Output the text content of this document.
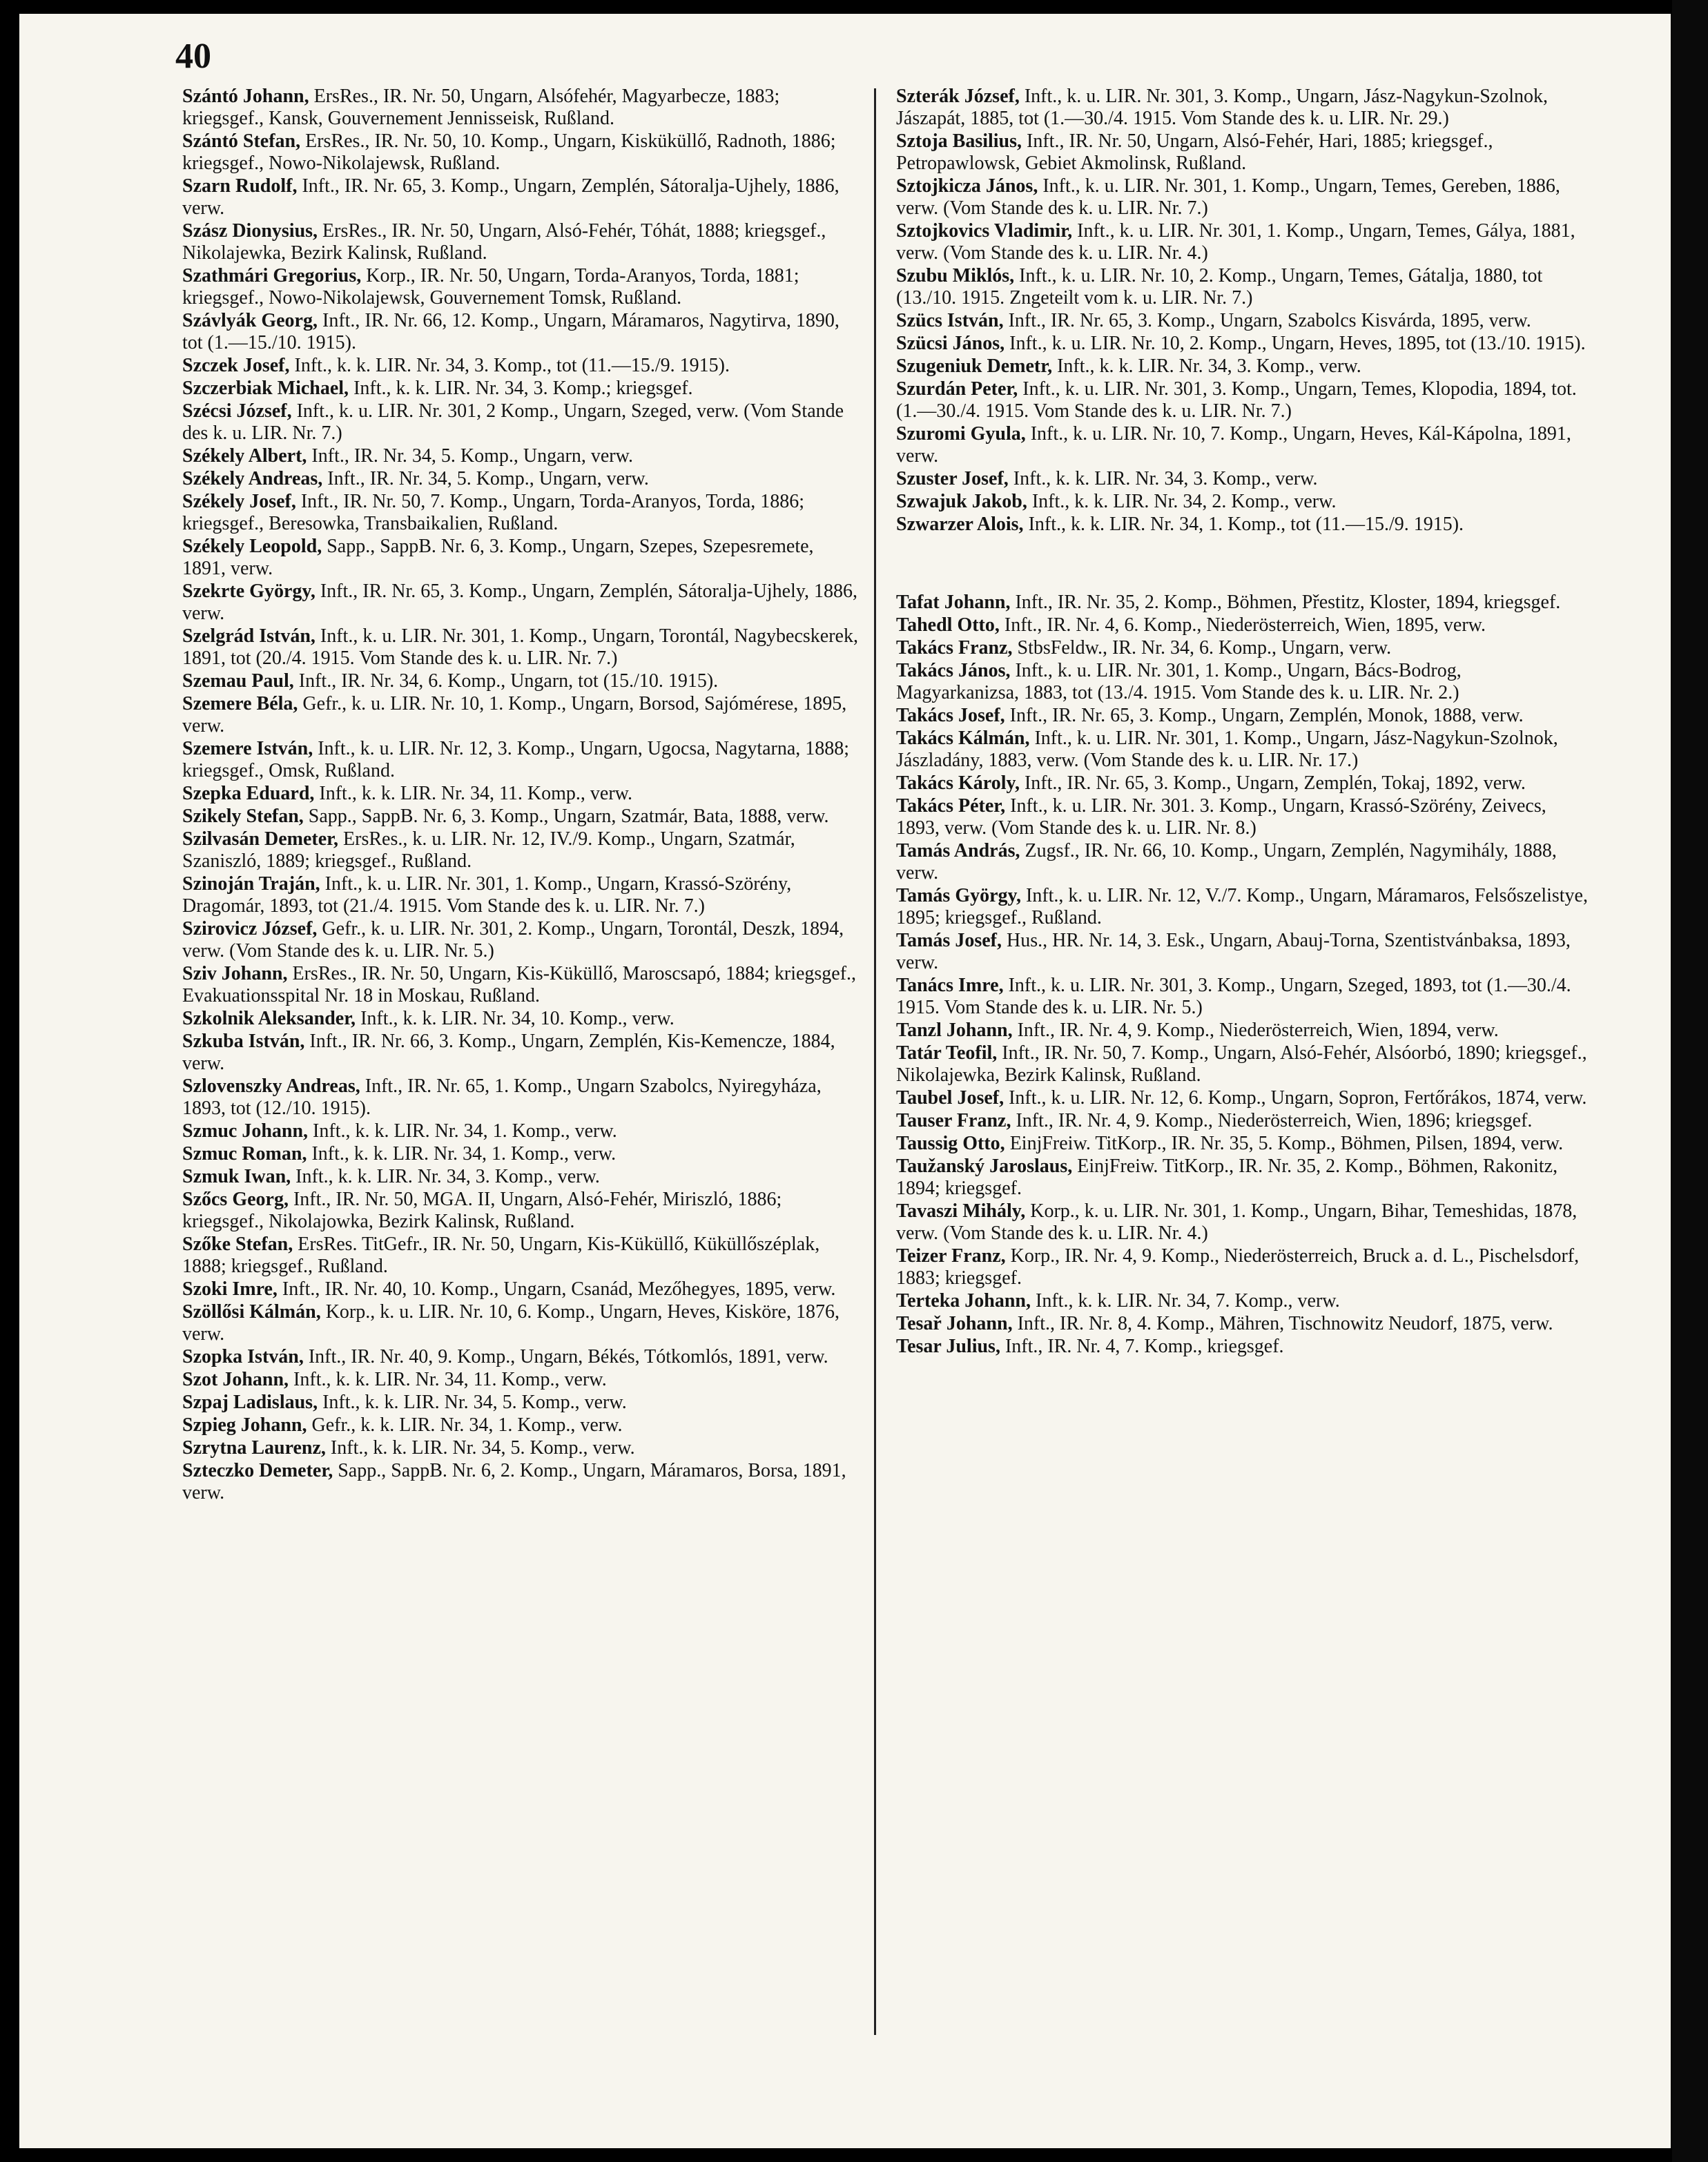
40
Szántó Johann, ErsRes., IR. Nr. 50, Ungarn, Alsófehér, Magyarbecze, 1883; kriegsgef., Kansk, Gouvernement Jennisseisk, Rußland.
Szántó Stefan, ErsRes., IR. Nr. 50, 10. Komp., Ungarn, Kisküküllő, Radnoth, 1886; kriegsgef., Nowo-Nikolajewsk, Rußland.
Szarn Rudolf, Inft., IR. Nr. 65, 3. Komp., Ungarn, Zemplén, Sátoralja-Ujhely, 1886, verw.
Szász Dionysius, ErsRes., IR. Nr. 50, Ungarn, Alsó-Fehér, Tóhát, 1888; kriegsgef., Nikolajewka, Bezirk Kalinsk, Rußland.
Szathmári Gregorius, Korp., IR. Nr. 50, Ungarn, Torda-Aranyos, Torda, 1881; kriegsgef., Nowo-Nikolajewsk, Gouvernement Tomsk, Rußland.
Szávlyák Georg, Inft., IR. Nr. 66, 12. Komp., Ungarn, Máramaros, Nagytirva, 1890, tot (1.—15./10. 1915).
Szczek Josef, Inft., k. k. LIR. Nr. 34, 3. Komp., tot (11.—15./9. 1915).
Szczerbiak Michael, Inft., k. k. LIR. Nr. 34, 3. Komp.; kriegsgef.
Szécsi József, Inft., k. u. LIR. Nr. 301, 2 Komp., Ungarn, Szeged, verw. (Vom Stande des k. u. LIR. Nr. 7.)
Székely Albert, Inft., IR. Nr. 34, 5. Komp., Ungarn, verw.
Székely Andreas, Inft., IR. Nr. 34, 5. Komp., Ungarn, verw.
Székely Josef, Inft., IR. Nr. 50, 7. Komp., Ungarn, Torda-Aranyos, Torda, 1886; kriegsgef., Beresowka, Transbaikalien, Rußland.
Székely Leopold, Sapp., SappB. Nr. 6, 3. Komp., Ungarn, Szepes, Szepesremete, 1891, verw.
Szekrte György, Inft., IR. Nr. 65, 3. Komp., Ungarn, Zemplén, Sátoralja-Ujhely, 1886, verw.
Szelgrád István, Inft., k. u. LIR. Nr. 301, 1. Komp., Ungarn, Torontál, Nagybecskerek, 1891, tot (20./4. 1915. Vom Stande des k. u. LIR. Nr. 7.)
Szemau Paul, Inft., IR. Nr. 34, 6. Komp., Ungarn, tot (15./10. 1915).
Szemere Béla, Gefr., k. u. LIR. Nr. 10, 1. Komp., Ungarn, Borsod, Sajómérese, 1895, verw.
Szemere István, Inft., k. u. LIR. Nr. 12, 3. Komp., Ungarn, Ugocsa, Nagytarna, 1888; kriegsgef., Omsk, Rußland.
Szepka Eduard, Inft., k. k. LIR. Nr. 34, 11. Komp., verw.
Szikely Stefan, Sapp., SappB. Nr. 6, 3. Komp., Ungarn, Szatmár, Bata, 1888, verw.
Szilvasán Demeter, ErsRes., k. u. LIR. Nr. 12, IV./9. Komp., Ungarn, Szatmár, Szaniszló, 1889; kriegsgef., Rußland.
Szinoján Traján, Inft., k. u. LIR. Nr. 301, 1. Komp., Ungarn, Krassó-Szörény, Dragomár, 1893, tot (21./4. 1915. Vom Stande des k. u. LIR. Nr. 7.)
Szirovicz József, Gefr., k. u. LIR. Nr. 301, 2. Komp., Ungarn, Torontál, Deszk, 1894, verw. (Vom Stande des k. u. LIR. Nr. 5.)
Sziv Johann, ErsRes., IR. Nr. 50, Ungarn, Kis-Küküllő, Maroscsapó, 1884; kriegsgef., Evakuationsspital Nr. 18 in Moskau, Rußland.
Szkolnik Aleksander, Inft., k. k. LIR. Nr. 34, 10. Komp., verw.
Szkuba István, Inft., IR. Nr. 66, 3. Komp., Ungarn, Zemplén, Kis-Kemencze, 1884, verw.
Szlovenszky Andreas, Inft., IR. Nr. 65, 1. Komp., Ungarn Szabolcs, Nyiregyháza, 1893, tot (12./10. 1915).
Szmuc Johann, Inft., k. k. LIR. Nr. 34, 1. Komp., verw.
Szmuc Roman, Inft., k. k. LIR. Nr. 34, 1. Komp., verw.
Szmuk Iwan, Inft., k. k. LIR. Nr. 34, 3. Komp., verw.
Szőcs Georg, Inft., IR. Nr. 50, MGA. II, Ungarn, Alsó-Fehér, Miriszló, 1886; kriegsgef., Nikolajowka, Bezirk Kalinsk, Rußland.
Szőke Stefan, ErsRes. TitGefr., IR. Nr. 50, Ungarn, Kis-Küküllő, Küküllőszéplak, 1888; kriegsgef., Rußland.
Szoki Imre, Inft., IR. Nr. 40, 10. Komp., Ungarn, Csanád, Mezőhegyes, 1895, verw.
Szöllősi Kálmán, Korp., k. u. LIR. Nr. 10, 6. Komp., Ungarn, Heves, Kisköre, 1876, verw.
Szopka István, Inft., IR. Nr. 40, 9. Komp., Ungarn, Békés, Tótkomlós, 1891, verw.
Szot Johann, Inft., k. k. LIR. Nr. 34, 11. Komp., verw.
Szpaj Ladislaus, Inft., k. k. LIR. Nr. 34, 5. Komp., verw.
Szpieg Johann, Gefr., k. k. LIR. Nr. 34, 1. Komp., verw.
Szrytna Laurenz, Inft., k. k. LIR. Nr. 34, 5. Komp., verw.
Szteczko Demeter, Sapp., SappB. Nr. 6, 2. Komp., Ungarn, Máramaros, Borsa, 1891, verw.
Szterák József, Inft., k. u. LIR. Nr. 301, 3. Komp., Ungarn, Jász-Nagykun-Szolnok, Jászapát, 1885, tot (1.—30./4. 1915. Vom Stande des k. u. LIR. Nr. 29.)
Sztoja Basilius, Inft., IR. Nr. 50, Ungarn, Alsó-Fehér, Hari, 1885; kriegsgef., Petropawlowsk, Gebiet Akmolinsk, Rußland.
Sztojkicza János, Inft., k. u. LIR. Nr. 301, 1. Komp., Ungarn, Temes, Gereben, 1886, verw. (Vom Stande des k. u. LIR. Nr. 7.)
Sztojkovics Vladimir, Inft., k. u. LIR. Nr. 301, 1. Komp., Ungarn, Temes, Gálya, 1881, verw. (Vom Stande des k. u. LIR. Nr. 4.)
Szubu Miklós, Inft., k. u. LIR. Nr. 10, 2. Komp., Ungarn, Temes, Gátalja, 1880, tot (13./10. 1915. Zngeteilt vom k. u. LIR. Nr. 7.)
Szücs István, Inft., IR. Nr. 65, 3. Komp., Ungarn, Szabolcs Kisvárda, 1895, verw.
Szücsi János, Inft., k. u. LIR. Nr. 10, 2. Komp., Ungarn, Heves, 1895, tot (13./10. 1915).
Szugeniuk Demetr, Inft., k. k. LIR. Nr. 34, 3. Komp., verw.
Szurdán Peter, Inft., k. u. LIR. Nr. 301, 3. Komp., Ungarn, Temes, Klopodia, 1894, tot. (1.—30./4. 1915. Vom Stande des k. u. LIR. Nr. 7.)
Szuromi Gyula, Inft., k. u. LIR. Nr. 10, 7. Komp., Ungarn, Heves, Kál-Kápolna, 1891, verw.
Szuster Josef, Inft., k. k. LIR. Nr. 34, 3. Komp., verw.
Szwajuk Jakob, Inft., k. k. LIR. Nr. 34, 2. Komp., verw.
Szwarzer Alois, Inft., k. k. LIR. Nr. 34, 1. Komp., tot (11.—15./9. 1915).
Tafat Johann, Inft., IR. Nr. 35, 2. Komp., Böhmen, Přestitz, Kloster, 1894, kriegsgef.
Tahedl Otto, Inft., IR. Nr. 4, 6. Komp., Niederösterreich, Wien, 1895, verw.
Takács Franz, StbsFeldw., IR. Nr. 34, 6. Komp., Ungarn, verw.
Takács János, Inft., k. u. LIR. Nr. 301, 1. Komp., Ungarn, Bács-Bodrog, Magyarkanizsa, 1883, tot (13./4. 1915. Vom Stande des k. u. LIR. Nr. 2.)
Takács Josef, Inft., IR. Nr. 65, 3. Komp., Ungarn, Zemplén, Monok, 1888, verw.
Takács Kálmán, Inft., k. u. LIR. Nr. 301, 1. Komp., Ungarn, Jász-Nagykun-Szolnok, Jászladány, 1883, verw. (Vom Stande des k. u. LIR. Nr. 17.)
Takács Károly, Inft., IR. Nr. 65, 3. Komp., Ungarn, Zemplén, Tokaj, 1892, verw.
Takács Péter, Inft., k. u. LIR. Nr. 301. 3. Komp., Ungarn, Krassó-Szörény, Zeivecs, 1893, verw. (Vom Stande des k. u. LIR. Nr. 8.)
Tamás András, Zugsf., IR. Nr. 66, 10. Komp., Ungarn, Zemplén, Nagymihály, 1888, verw.
Tamás György, Inft., k. u. LIR. Nr. 12, V./7. Komp., Ungarn, Máramaros, Felsőszelistye, 1895; kriegsgef., Rußland.
Tamás Josef, Hus., HR. Nr. 14, 3. Esk., Ungarn, Abauj-Torna, Szentistvánbaksa, 1893, verw.
Tanács Imre, Inft., k. u. LIR. Nr. 301, 3. Komp., Ungarn, Szeged, 1893, tot (1.—30./4. 1915. Vom Stande des k. u. LIR. Nr. 5.)
Tanzl Johann, Inft., IR. Nr. 4, 9. Komp., Niederösterreich, Wien, 1894, verw.
Tatár Teofil, Inft., IR. Nr. 50, 7. Komp., Ungarn, Alsó-Fehér, Alsóorbó, 1890; kriegsgef., Nikolajewka, Bezirk Kalinsk, Rußland.
Taubel Josef, Inft., k. u. LIR. Nr. 12, 6. Komp., Ungarn, Sopron, Fertőrákos, 1874, verw.
Tauser Franz, Inft., IR. Nr. 4, 9. Komp., Niederösterreich, Wien, 1896; kriegsgef.
Taussig Otto, EinjFreiw. TitKorp., IR. Nr. 35, 5. Komp., Böhmen, Pilsen, 1894, verw.
Taužanský Jaroslaus, EinjFreiw. TitKorp., IR. Nr. 35, 2. Komp., Böhmen, Rakonitz, 1894; kriegsgef.
Tavaszi Mihály, Korp., k. u. LIR. Nr. 301, 1. Komp., Ungarn, Bihar, Temeshidas, 1878, verw. (Vom Stande des k. u. LIR. Nr. 4.)
Teizer Franz, Korp., IR. Nr. 4, 9. Komp., Niederösterreich, Bruck a. d. L., Pischelsdorf, 1883; kriegsgef.
Terteka Johann, Inft., k. k. LIR. Nr. 34, 7. Komp., verw.
Tesař Johann, Inft., IR. Nr. 8, 4. Komp., Mähren, Tischnowitz Neudorf, 1875, verw.
Tesar Julius, Inft., IR. Nr. 4, 7. Komp., kriegsgef.
